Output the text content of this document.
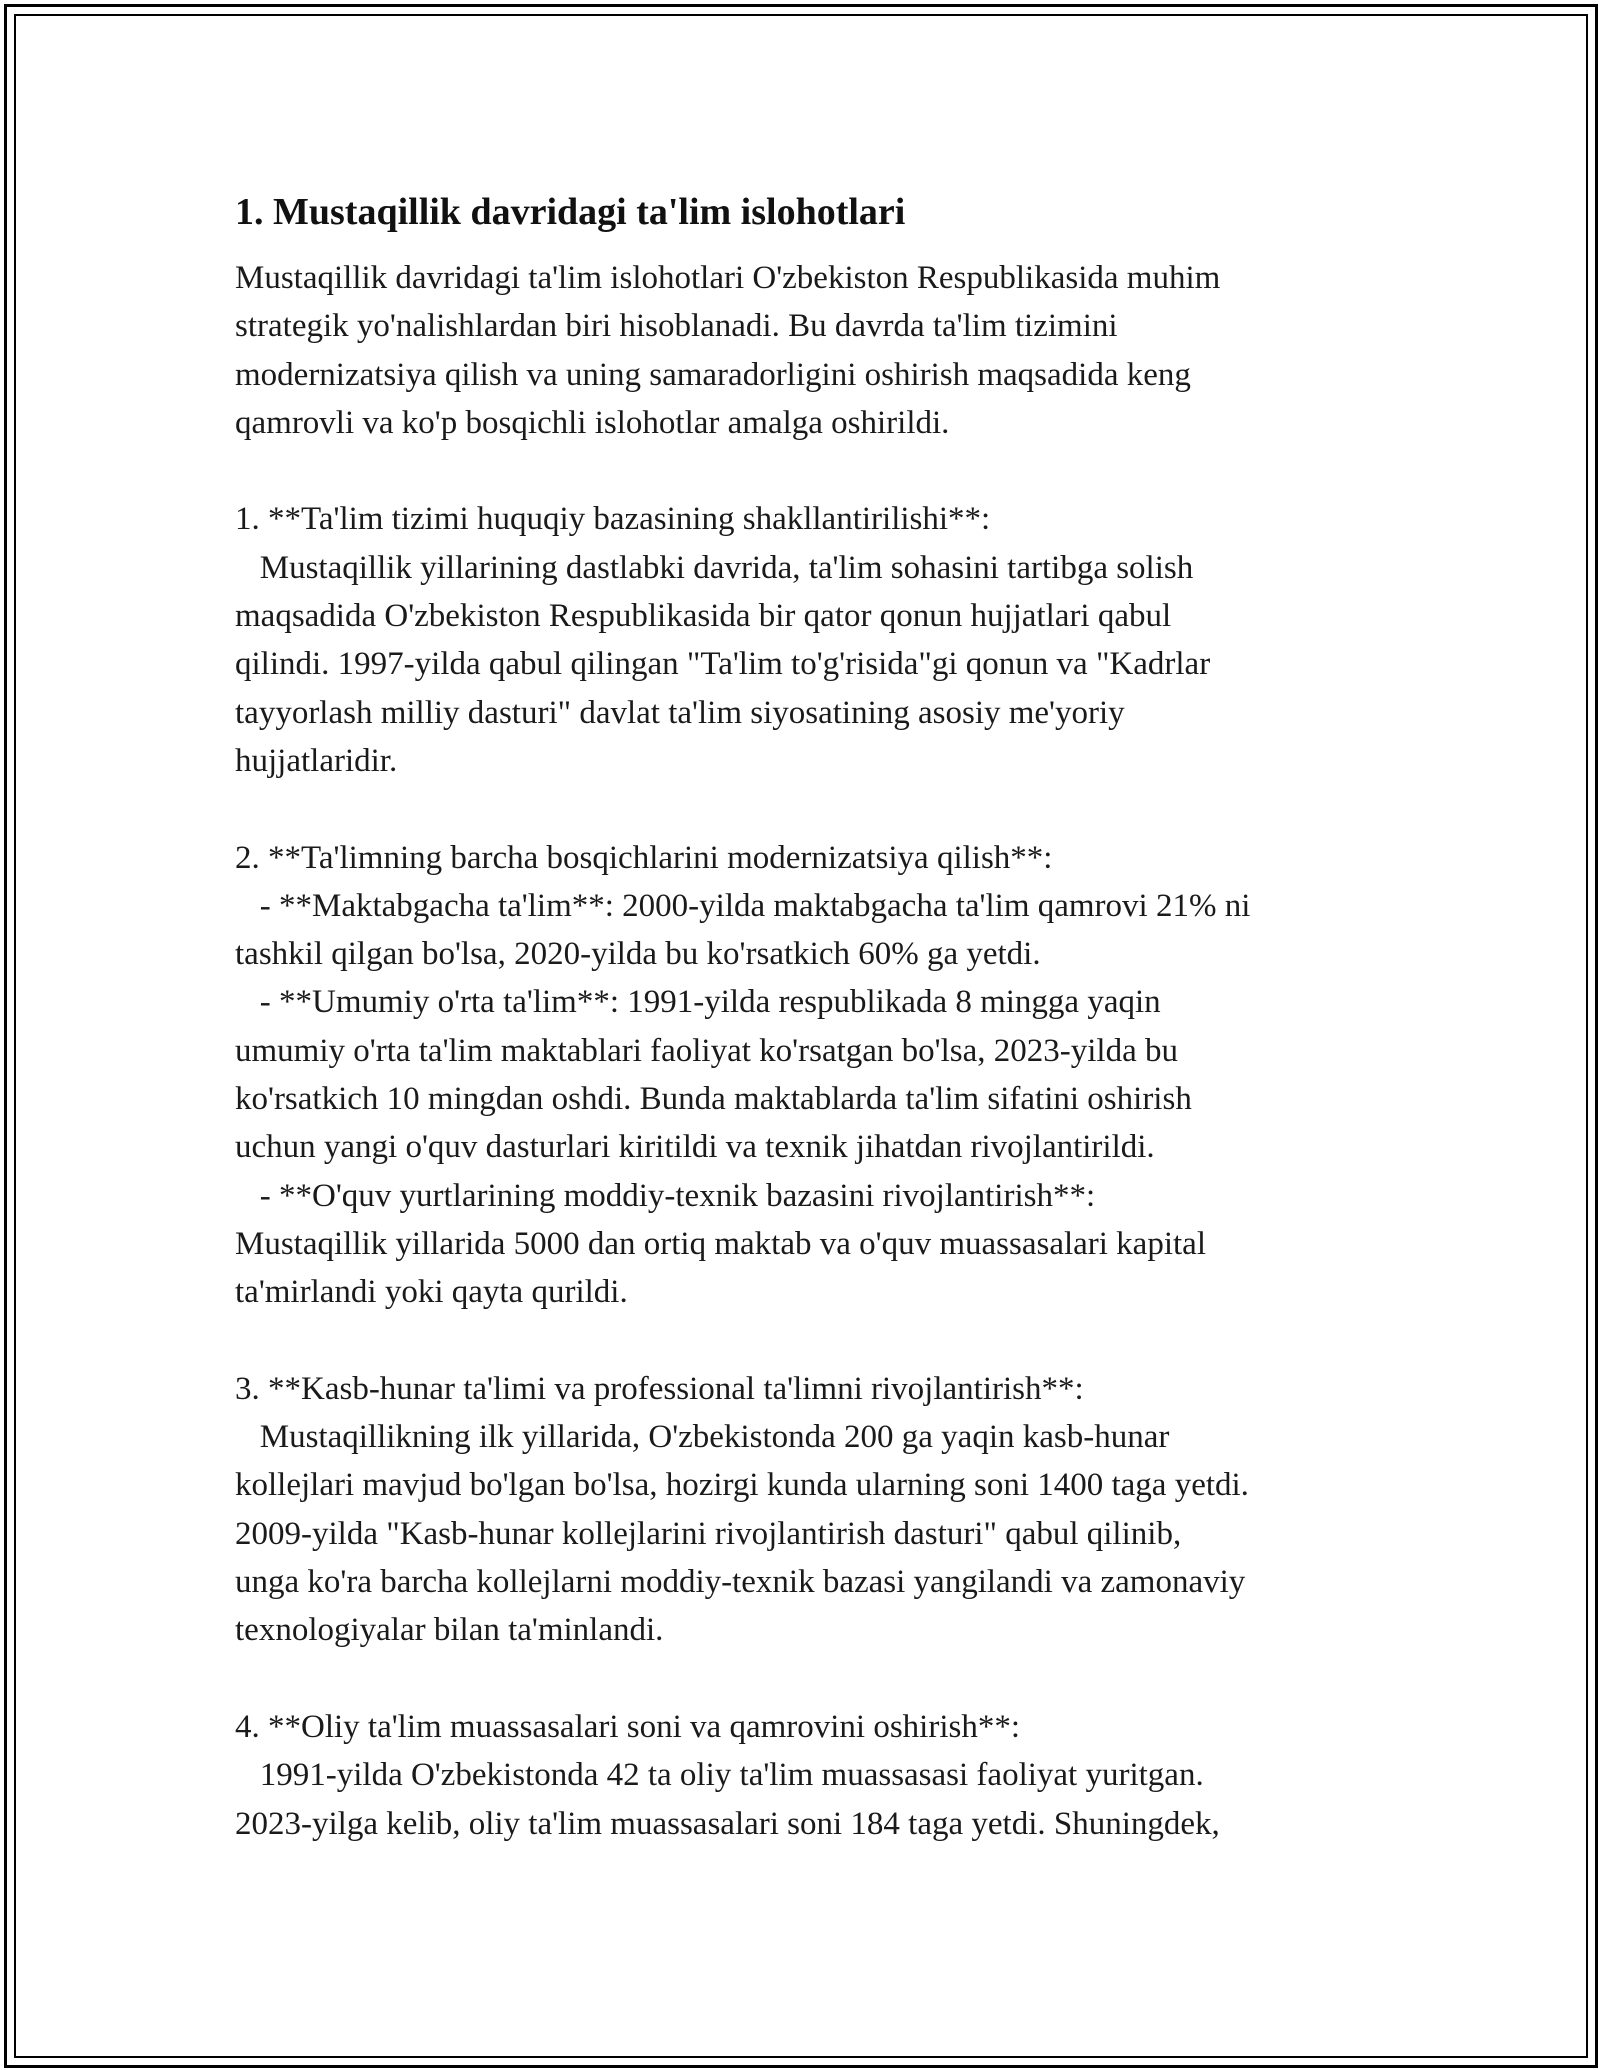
1. Mustaqillik davridagi ta'lim islohotlari

Mustaqillik davridagi ta'lim islohotlari O'zbekiston Respublikasida muhim
strategik yo'nalishlardan biri hisoblanadi. Bu davrda ta'lim tizimini
modernizatsiya qilish va uning samaradorligini oshirish maqsadida keng
qamrovli va ko'p bosqichli islohotlar amalga oshirildi.

1. **Ta'lim tizimi huquqiy bazasining shakllantirilishi**:
Mustaqillik yillarining dastlabki davrida, ta'lim sohasini tartibga solish
maqsadida O'zbekiston Respublikasida bir qator qonun hujjatlari qabul
qilindi. 1997-yilda qabul qilingan "Ta'lim to'g'risida"gi qonun va "Kadrlar
tayyorlash milliy dasturi" davlat ta'lim siyosatining asosiy me'yoriy
hujjatlaridir.

2. **Ta'limning barcha bosqichlarini modernizatsiya qilish**:
- **Maktabgacha ta'lim**: 2000-yilda maktabgacha ta'lim qamrovi 21% ni
tashkil qilgan bo'lsa, 2020-yilda bu ko'rsatkich 60% ga yetdi.
- **Umumiy o'rta ta'lim**: 1991-yilda respublikada 8 mingga yaqin
umumiy o'rta ta'lim maktablari faoliyat ko'rsatgan bo'lsa, 2023-yilda bu
ko'rsatkich 10 mingdan oshdi. Bunda maktablarda ta'lim sifatini oshirish
uchun yangi o'quv dasturlari kiritildi va texnik jihatdan rivojlantirildi.
- **O'quv yurtlarining moddiy-texnik bazasini rivojlantirish**:
Mustaqillik yillarida 5000 dan ortiq maktab va o'quv muassasalari kapital
ta'mirlandi yoki qayta qurildi.

3. **Kasb-hunar ta'limi va professional ta'limni rivojlantirish**:
Mustaqillikning ilk yillarida, O'zbekistonda 200 ga yaqin kasb-hunar
kollejlari mavjud bo'lgan bo'lsa, hozirgi kunda ularning soni 1400 taga yetdi.
2009-yilda "Kasb-hunar kollejlarini rivojlantirish dasturi" qabul qilinib,
unga ko'ra barcha kollejlarni moddiy-texnik bazasi yangilandi va zamonaviy
texnologiyalar bilan ta'minlandi.

4. **Oliy ta'lim muassasalari soni va qamrovini oshirish**:
1991-yilda O'zbekistonda 42 ta oliy ta'lim muassasasi faoliyat yuritgan.
2023-yilga kelib, oliy ta'lim muassasalari soni 184 taga yetdi. Shuningdek,
